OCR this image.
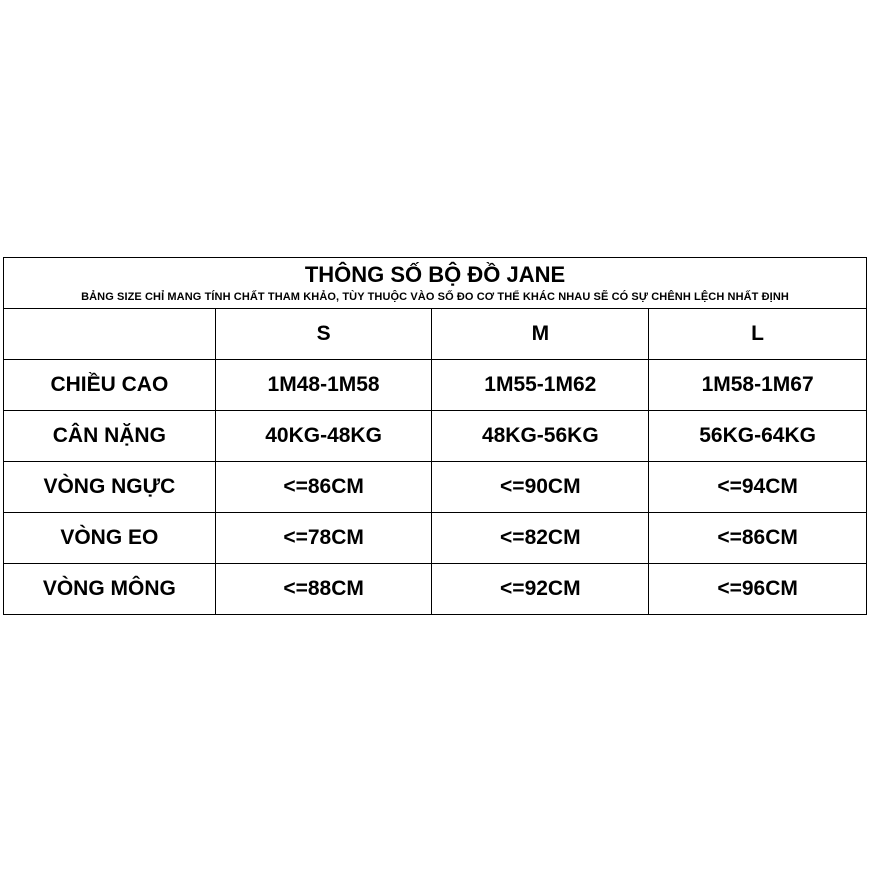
THÔNG SỐ BỘ ĐỒ JANE
BẢNG SIZE CHỈ MANG TÍNH CHẤT THAM KHẢO, TÙY THUỘC VÀO SỐ ĐO CƠ THỂ KHÁC NHAU SẼ CÓ SỰ CHÊNH LỆCH NHẤT ĐỊNH			

	S	M	L
CHIỀU CAO	1M48-1M58	1M55-1M62	1M58-1M67
CÂN NẶNG	40KG-48KG	48KG-56KG	56KG-64KG
VÒNG NGỰC	<=86CM	<=90CM	<=94CM
VÒNG EO	<=78CM	<=82CM	<=86CM
VÒNG MÔNG	<=88CM	<=92CM	<=96CM
